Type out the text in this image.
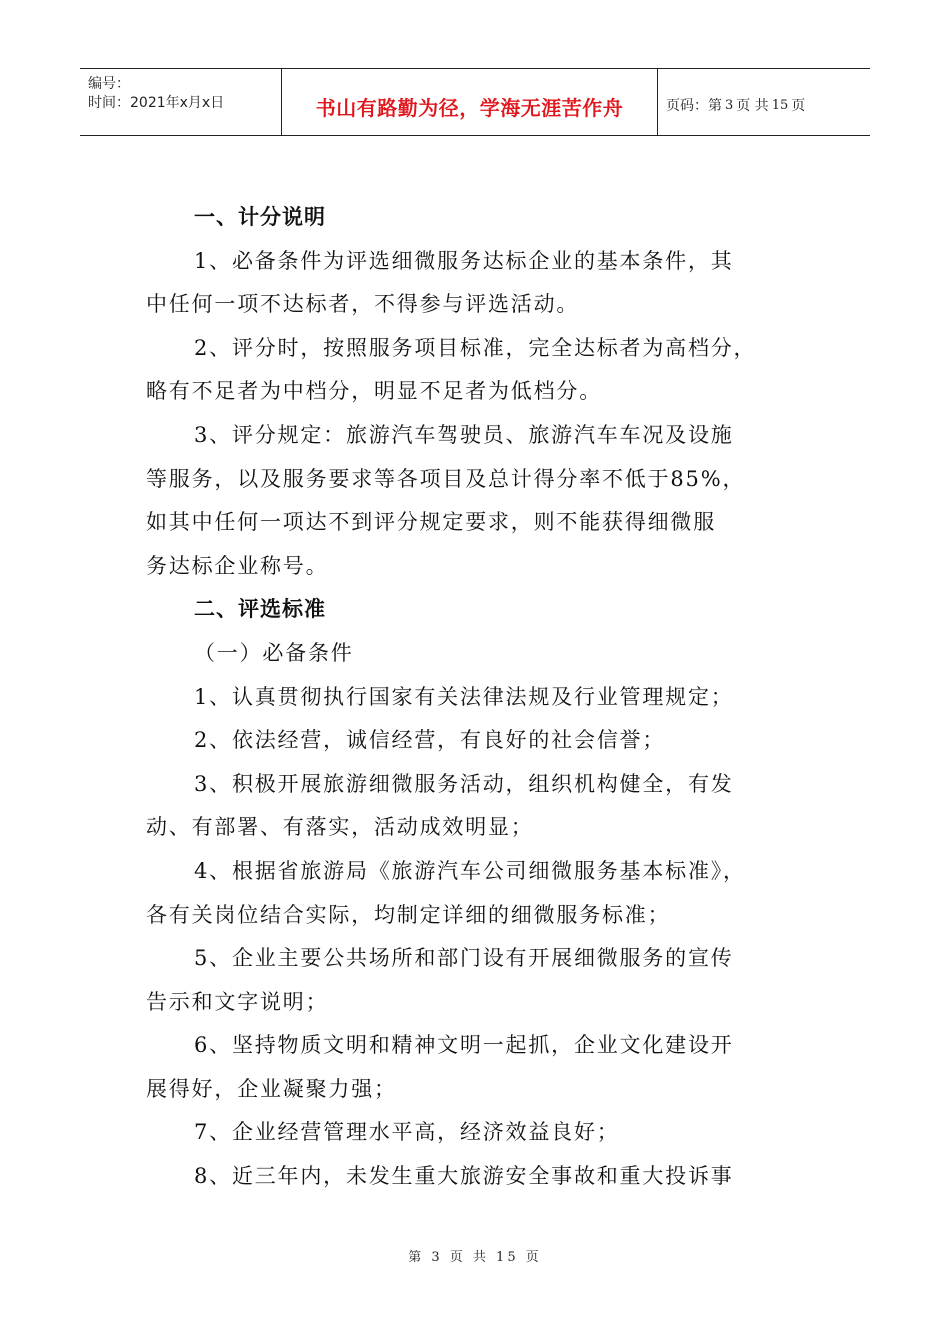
编号：
时间：2021年x月x日	书山有路勤为径，学海无涯苦作舟	页码：第 3 页 共 15 页
一、计分说明
1、必备条件为评选细微服务达标企业的基本条件，其
中任何一项不达标者，不得参与评选活动。
2、评分时，按照服务项目标准，完全达标者为高档分，
略有不足者为中档分，明显不足者为低档分。
3、评分规定：旅游汽车驾驶员、旅游汽车车况及设施
等服务，以及服务要求等各项目及总计得分率不低于85%，
如其中任何一项达不到评分规定要求，则不能获得细微服
务达标企业称号。
二、评选标准
（一）必备条件
1、认真贯彻执行国家有关法律法规及行业管理规定；
2、依法经营，诚信经营，有良好的社会信誉；
3、积极开展旅游细微服务活动，组织机构健全，有发
动、有部署、有落实，活动成效明显；
4、根据省旅游局《旅游汽车公司细微服务基本标准》，
各有关岗位结合实际，均制定详细的细微服务标准；
5、企业主要公共场所和部门设有开展细微服务的宣传
告示和文字说明；
6、坚持物质文明和精神文明一起抓，企业文化建设开
展得好，企业凝聚力强；
7、企业经营管理水平高，经济效益良好；
8、近三年内，未发生重大旅游安全事故和重大投诉事
第 3 页 共 15 页
